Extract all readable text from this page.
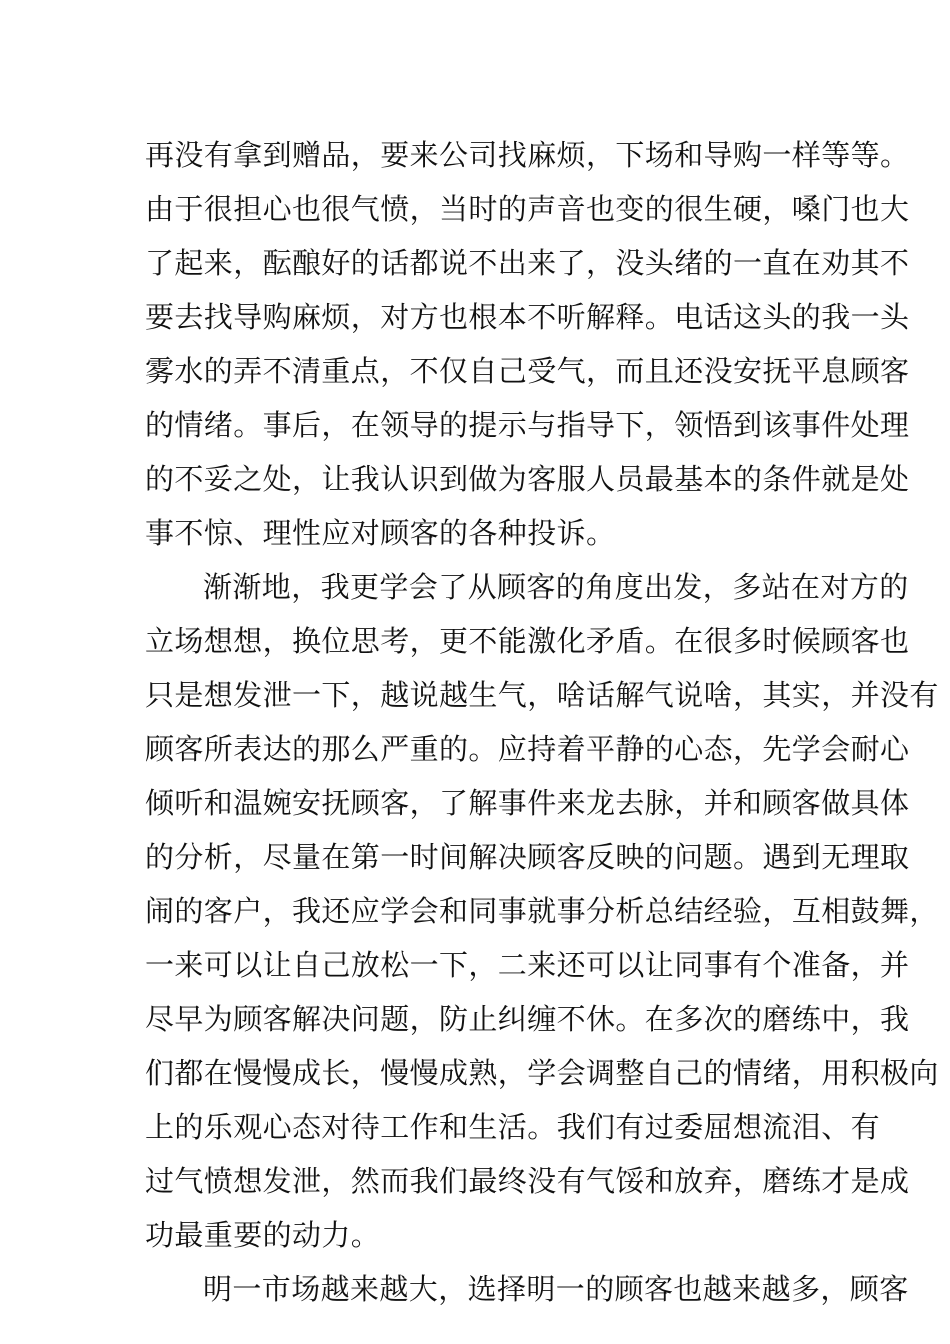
再没有拿到赠品，要来公司找麻烦，下场和导购一样等等。
由于很担心也很气愤，当时的声音也变的很生硬，嗓门也大
了起来，酝酿好的话都说不出来了，没头绪的一直在劝其不
要去找导购麻烦，对方也根本不听解释。电话这头的我一头
雾水的弄不清重点，不仅自己受气，而且还没安抚平息顾客
的情绪。事后，在领导的提示与指导下，领悟到该事件处理
的不妥之处，让我认识到做为客服人员最基本的条件就是处
事不惊、理性应对顾客的各种投诉。
渐渐地，我更学会了从顾客的角度出发，多站在对方的
立场想想，换位思考，更不能激化矛盾。在很多时候顾客也
只是想发泄一下，越说越生气，啥话解气说啥，其实，并没有
顾客所表达的那么严重的。应持着平静的心态，先学会耐心
倾听和温婉安抚顾客，了解事件来龙去脉，并和顾客做具体
的分析，尽量在第一时间解决顾客反映的问题。遇到无理取
闹的客户，我还应学会和同事就事分析总结经验，互相鼓舞，
一来可以让自己放松一下，二来还可以让同事有个准备，并
尽早为顾客解决问题，防止纠缠不休。在多次的磨练中，我
们都在慢慢成长，慢慢成熟，学会调整自己的情绪，用积极向
上的乐观心态对待工作和生活。我们有过委屈想流泪、有
过气愤想发泄，然而我们最终没有气馁和放弃，磨练才是成
功最重要的动力。
明一市场越来越大，选择明一的顾客也越来越多，顾客
